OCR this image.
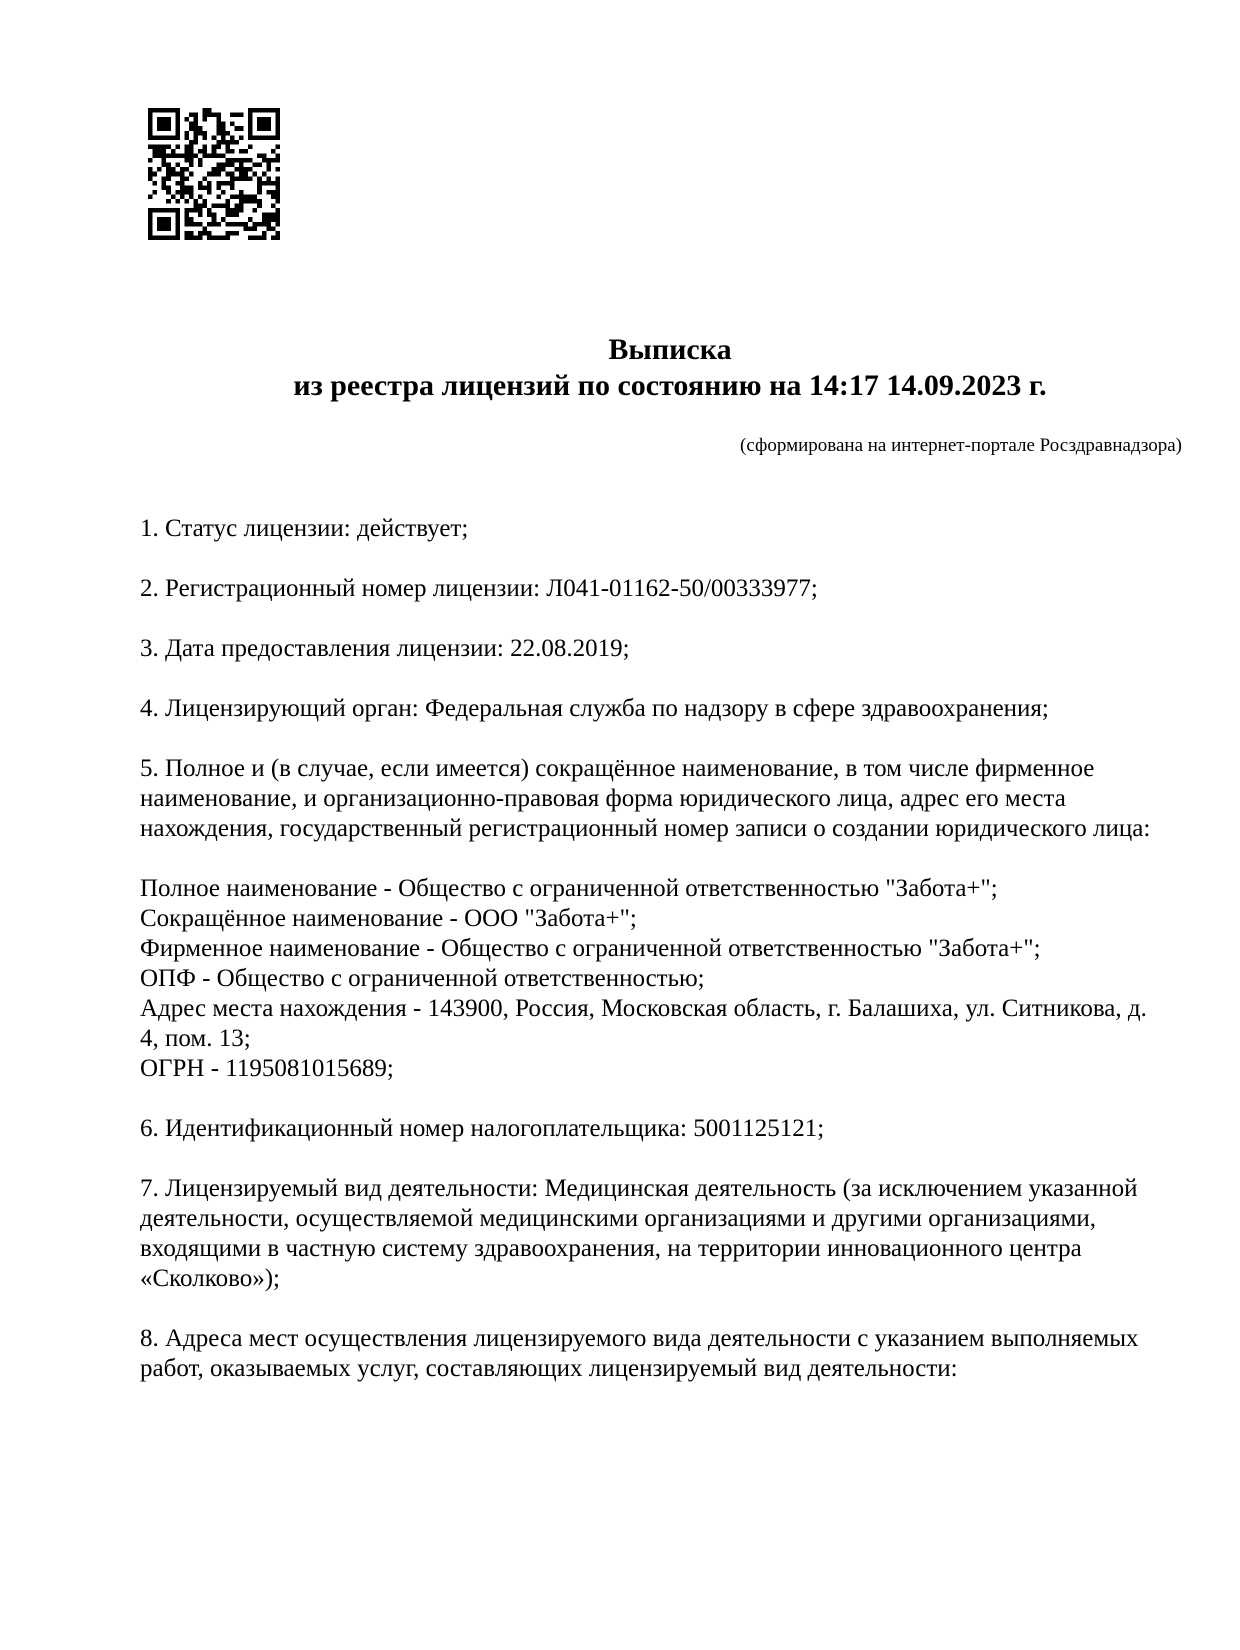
Выписка
из реестра лицензий по состоянию на 14:17 14.09.2023 г.
(сформирована на интернет-портале Росздравнадзора)

1. Статус лицензии: действует;

2. Регистрационный номер лицензии: Л041-01162-50/00333977;

3. Дата предоставления лицензии: 22.08.2019;

4. Лицензирующий орган: Федеральная служба по надзору в сфере здравоохранения;

5. Полное и (в случае, если имеется) сокращённое наименование, в том числе фирменное
наименование, и организационно-правовая форма юридического лица, адрес его места
нахождения, государственный регистрационный номер записи о создании юридического лица:

Полное наименование - Общество с ограниченной ответственностью "Забота+";
Сокращённое наименование - ООО "Забота+";
Фирменное наименование - Общество с ограниченной ответственностью "Забота+";
ОПФ - Общество с ограниченной ответственностью;
Адрес места нахождения - 143900, Россия, Московская область, г. Балашиха, ул. Ситникова, д.
4, пом. 13;
ОГРН - 1195081015689;

6. Идентификационный номер налогоплательщика: 5001125121;

7. Лицензируемый вид деятельности: Медицинская деятельность (за исключением указанной
деятельности, осуществляемой медицинскими организациями и другими организациями,
входящими в частную систему здравоохранения, на территории инновационного центра
«Сколково»);

8. Адреса мест осуществления лицензируемого вида деятельности с указанием выполняемых
работ, оказываемых услуг, составляющих лицензируемый вид деятельности:
